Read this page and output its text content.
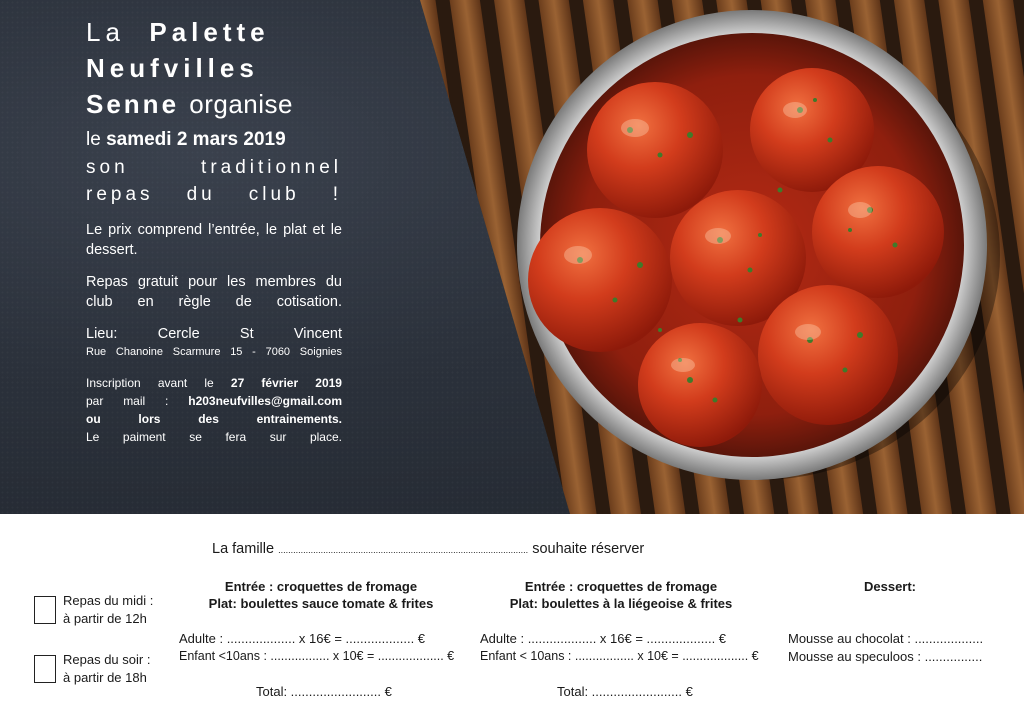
La Palette
Neufvilles
Senne organise
le samedi 2 mars 2019
son traditionnel
repas du club !
Le prix comprend l’entrée, le plat et le dessert.
Repas gratuit pour les membres du club en règle de cotisation.
Lieu:	Cercle St Vincent
Rue Chanoine Scarmure 15 - 7060 Soignies
Inscription avant le 27 février 2019
par mail : h203neufvilles@gmail.com
ou lors des entrainements.
Le paiment se fera sur place.
La famille .................................................................................................... souhaite réserver
Repas du midi :
à partir de 12h
Repas du soir :
à partir de 18h
Entrée : croquettes de fromage
Plat: boulettes sauce tomate & frites
Adulte : ................... x 16€ = ................... €
Enfant <10ans : ................. x 10€ = ................... €
Total: ......................... €
Entrée : croquettes de fromage
Plat: boulettes à la liégeoise & frites
Adulte : ................... x 16€ = ................... €
Enfant < 10ans : ................. x 10€ = ................... €
Total: ......................... €
Dessert:
Mousse au chocolat : ...................
Mousse au speculoos : ................
